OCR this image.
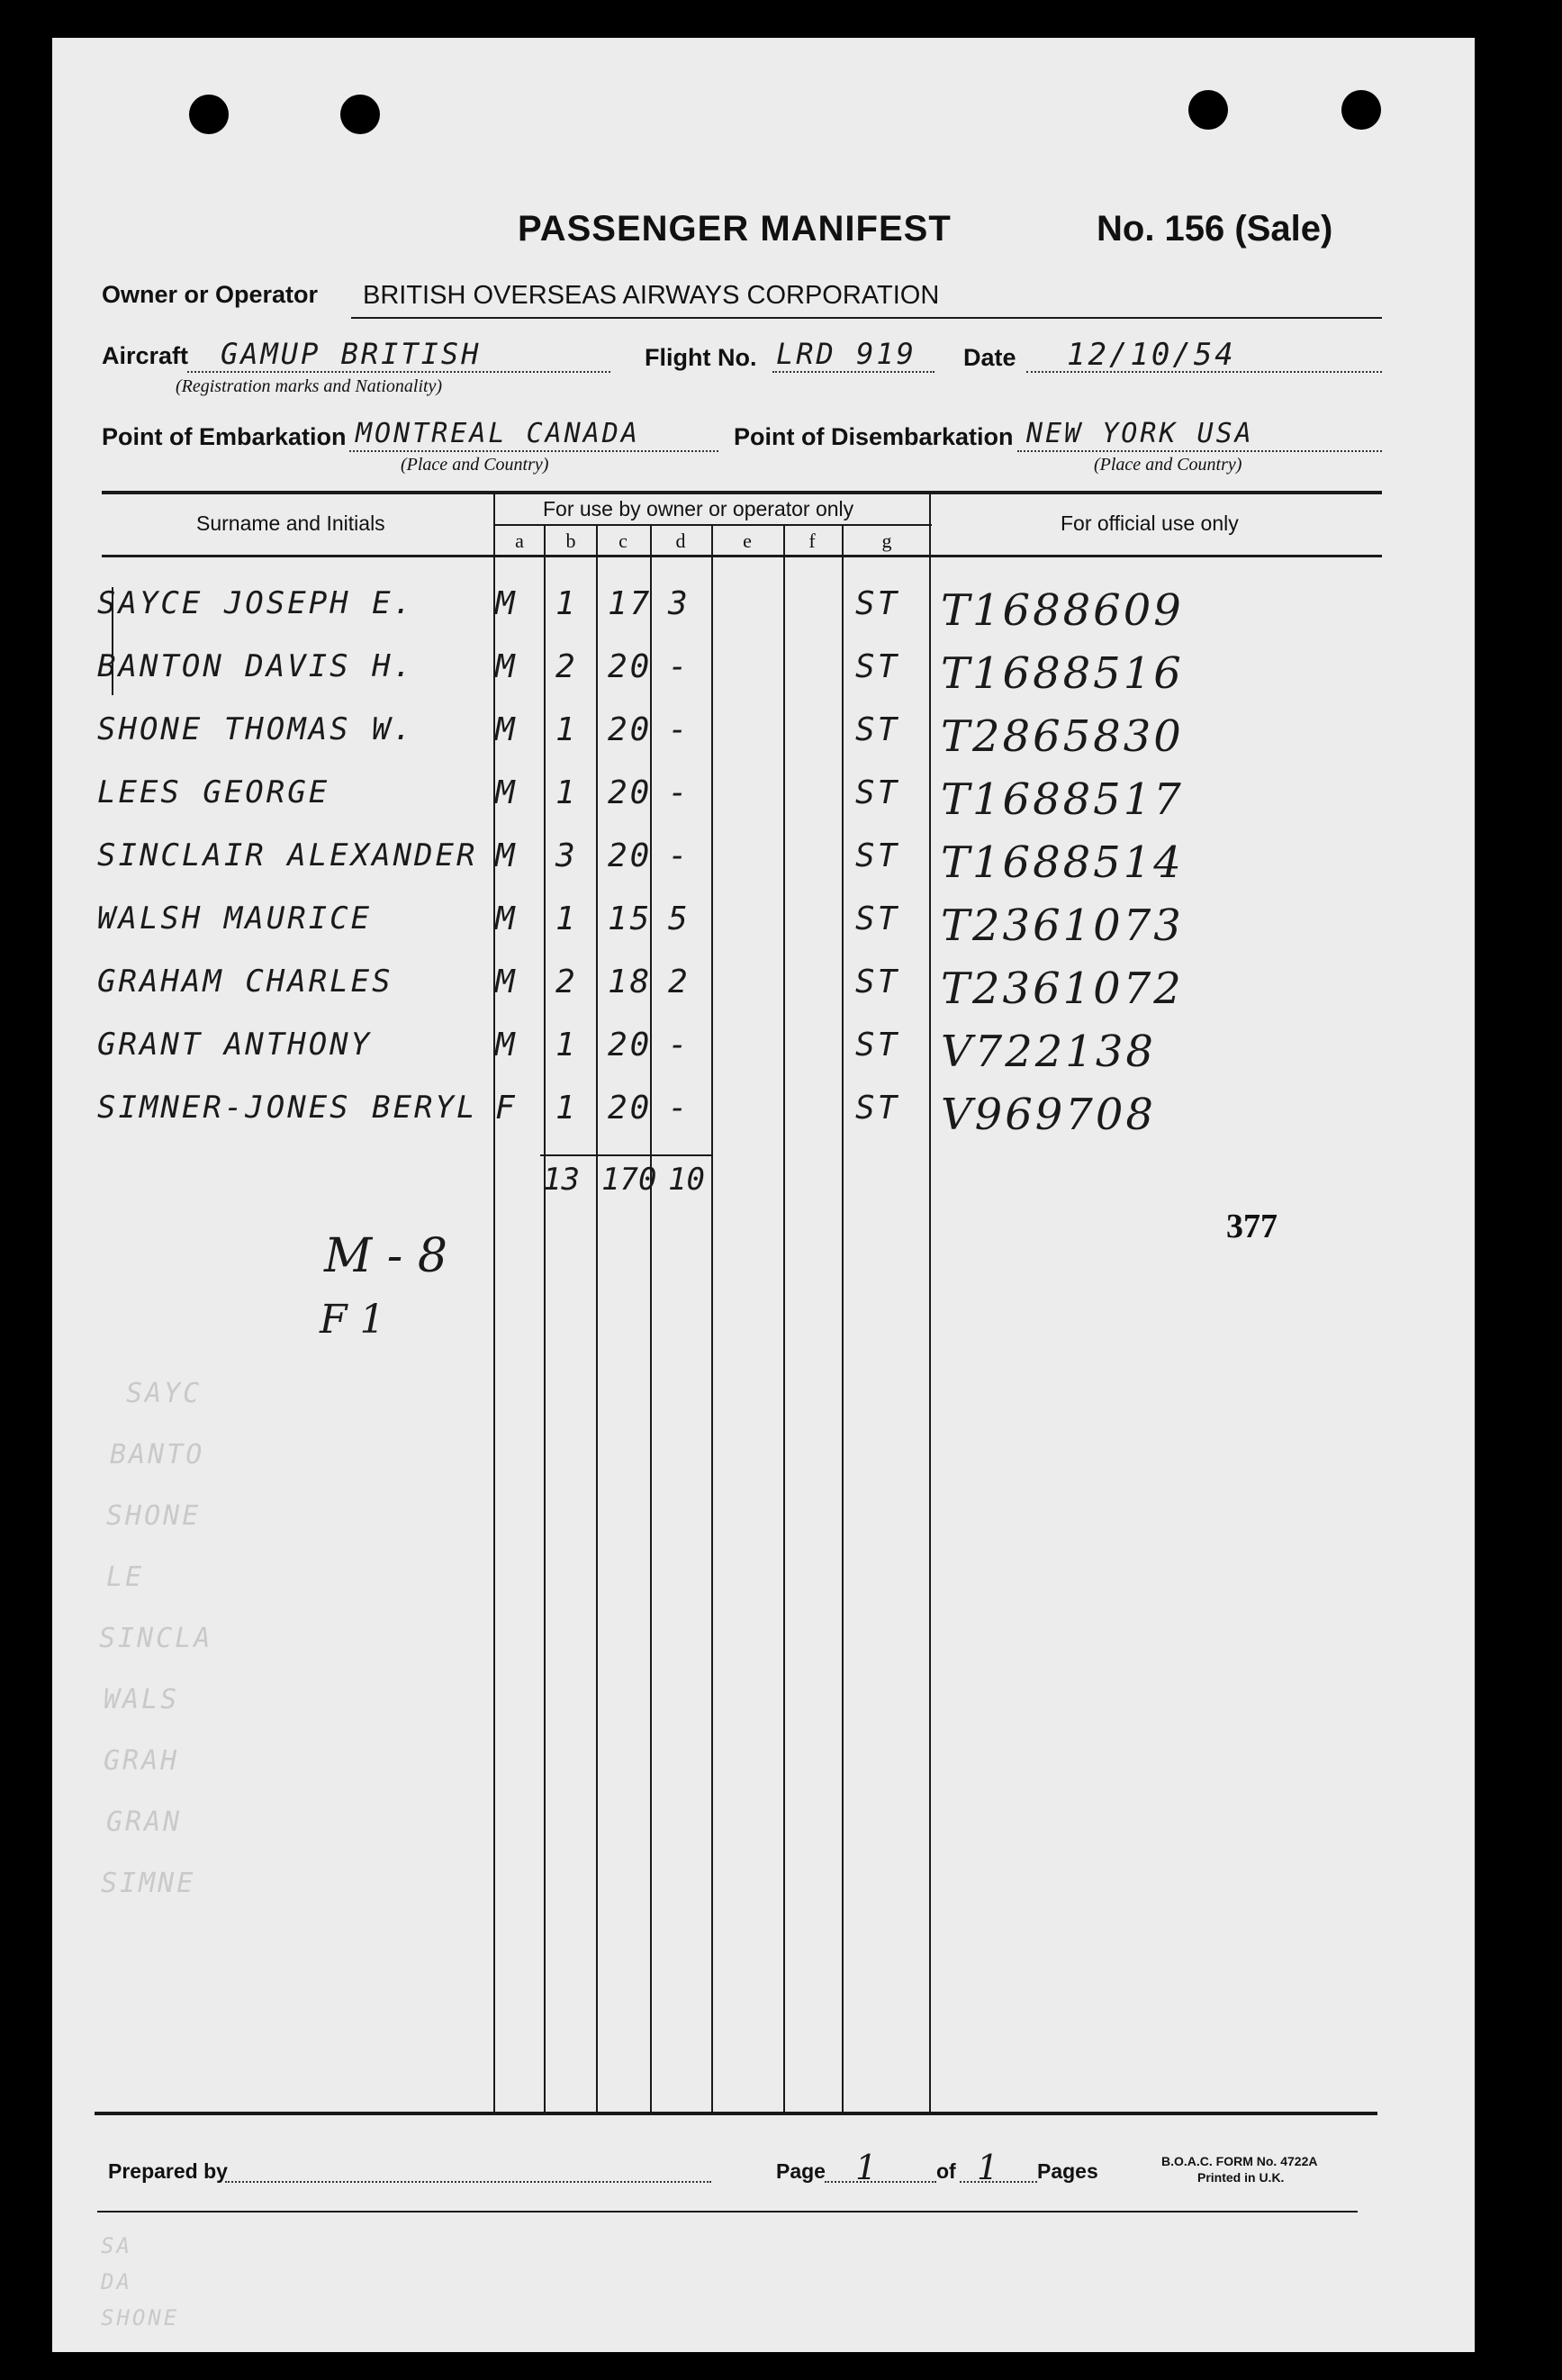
PASSENGER MANIFEST	No. 156 (Sale)
Owner or Operator BRITISH OVERSEAS AIRWAYS CORPORATION
Aircraft GAMUP BRITISH
(Registration marks and Nationality)
Flight No. LRD 919 Date 12/10/54
Point of Embarkation MONTREAL CANADA
(Place and Country)
Point of Disembarkation NEW YORK USA
(Place and Country)
Surname and Initials
For use by owner or operator only
For official use only
a	b	c	d	e	f	g
SAYCE JOSEPH E. M 1 17 3	ST T1688609
BANTON DAVIS H. M 2 20 -	ST T1688516
SHONE THOMAS W. M 1 20 -	ST T2865830
LEES GEORGE	M 1 20 -	ST T1688517
SINCLAIR ALEXANDER M 3 20 -	ST T1688514
WALSH MAURICE	M 1 15 5	ST T2361073
GRAHAM CHARLES	M 2 18 2	ST T2361072
GRANT ANTHONY	M 1 20 -	ST V722138
SIMNER-JONES BERYL F 1 20 -	ST V969708
13 170 10
M - 8
F 1
377
SAYC
BANTO
SHONE
LE
SINCLA
WALS
GRAH
GRAN
SIMNE
Prepared by	Page 1	of 1 Pages	B.O.A.C. FORM No. 4722A
Printed in U.K.
SA
DA
SHONE
